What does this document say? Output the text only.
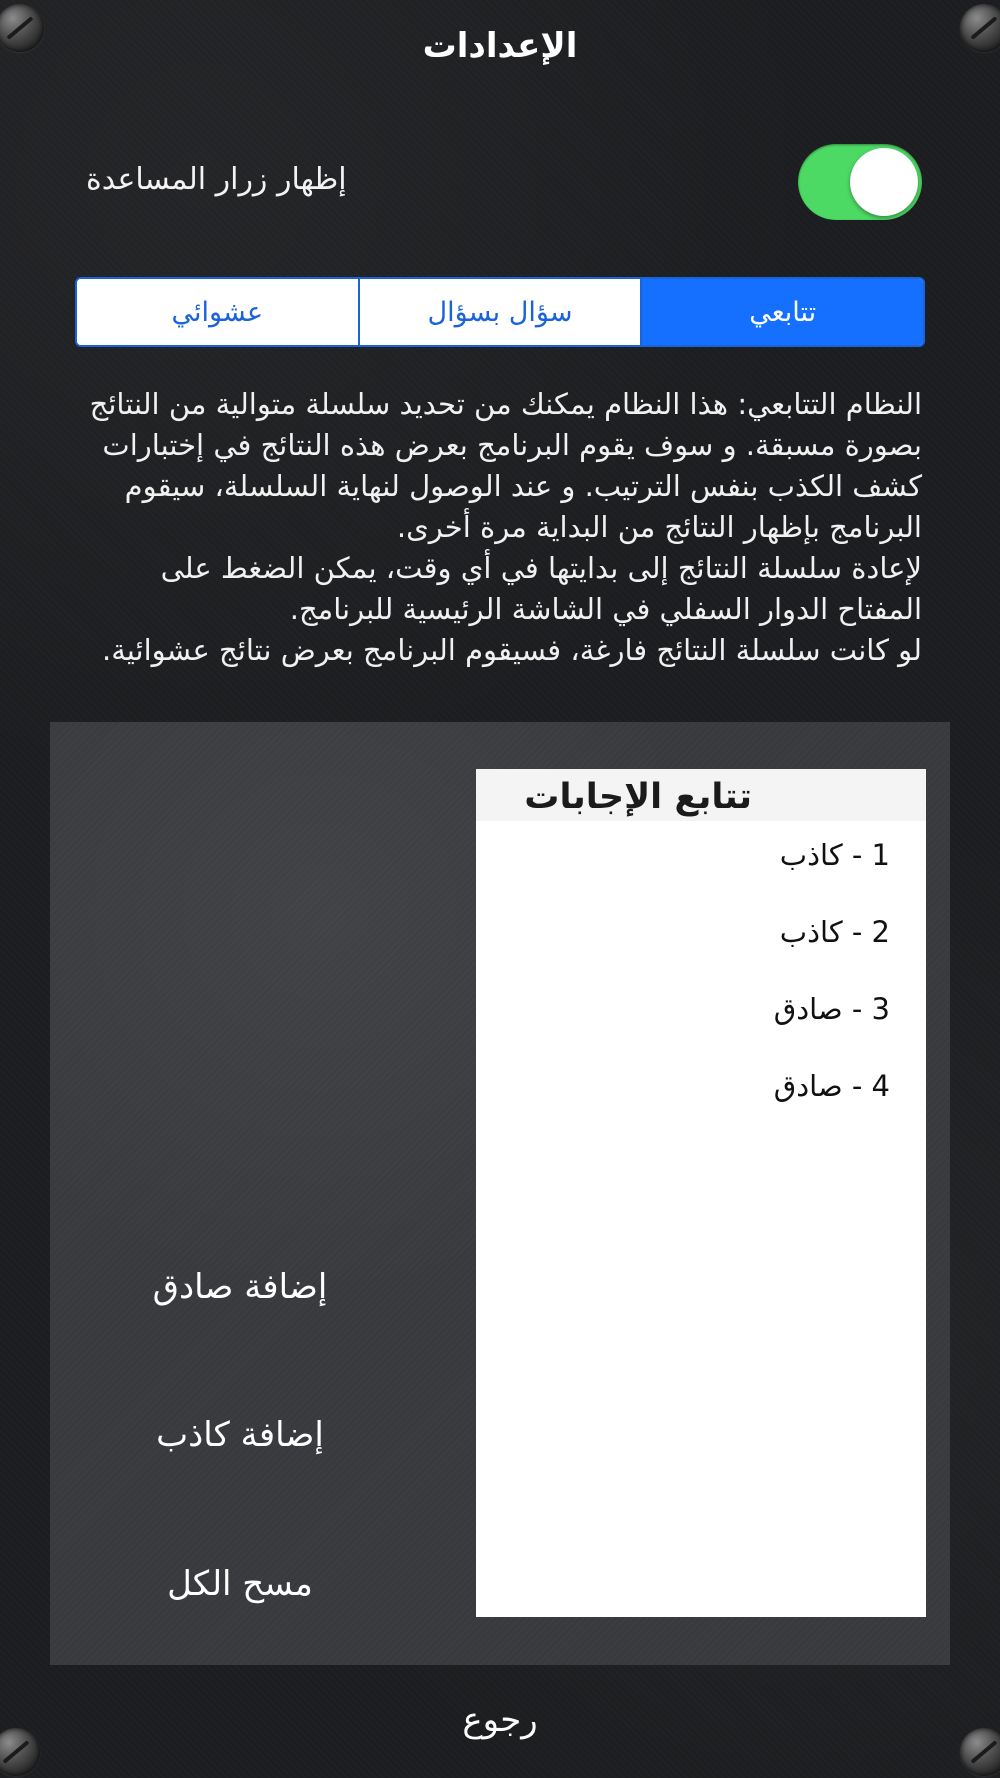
الإعدادات
إظهار زرار المساعدة
عشوائي	سؤال بسؤال	تتابعي

النظام التتابعي: هذا النظام يمكنك من تحديد سلسلة متوالية من النتائج بصورة مسبقة. و سوف يقوم البرنامج بعرض هذه النتائج في إختبارات كشف الكذب بنفس الترتيب. و عند الوصول لنهاية السلسلة، سيقوم البرنامج بإظهار النتائج من البداية مرة أخرى.

لإعادة سلسلة النتائج إلى بدايتها في أي وقت، يمكن الضغط على المفتاح الدوار السفلي في الشاشة الرئيسية للبرنامج.

لو كانت سلسلة النتائج فارغة، فسيقوم البرنامج بعرض نتائج عشوائية.

إضافة صادق
إضافة كاذب
مسح الكل
تتابع الإجابات
1 - كاذب
2 - كاذب
3 - صادق
4 - صادق
رجوع
